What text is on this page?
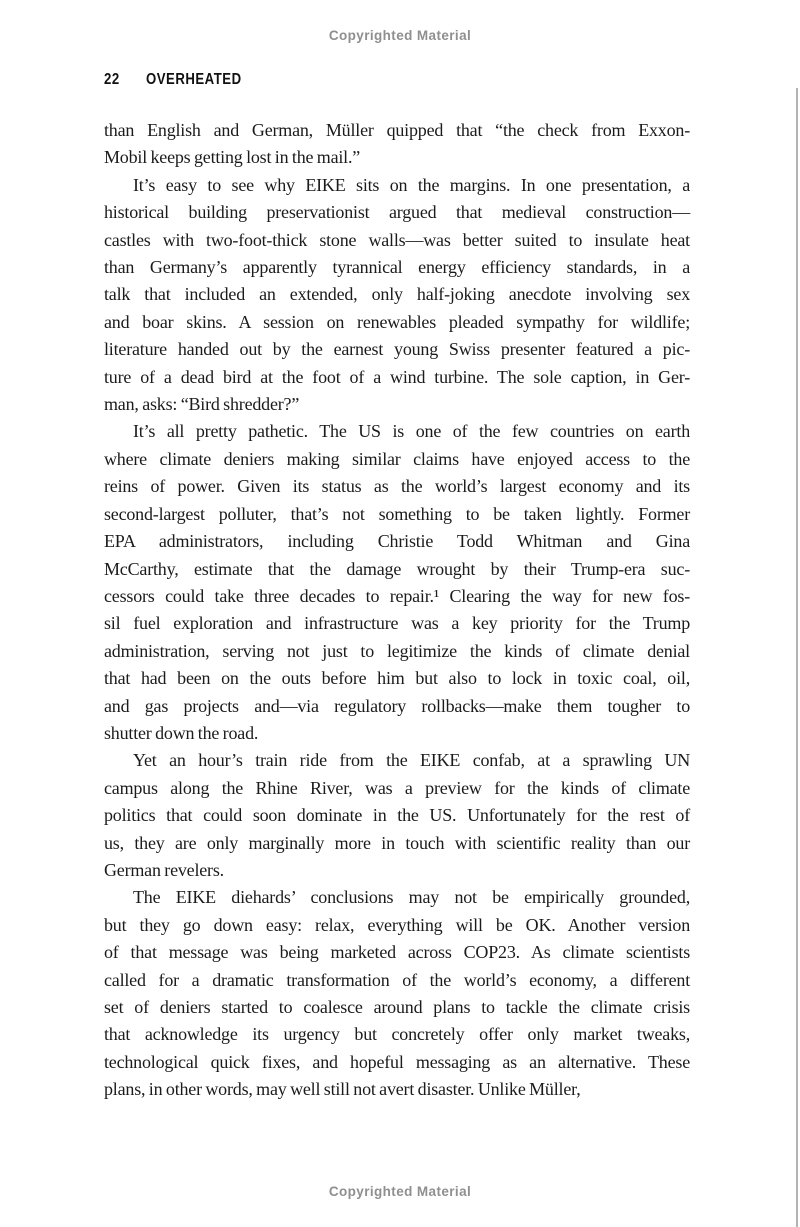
Copyrighted Material
22 OVERHEATED
than English and German, Müller quipped that “the check from Exxon-
Mobil keeps getting lost in the mail.”
It’s easy to see why EIKE sits on the margins. In one presentation, a
historical building preservationist argued that medieval construction—
castles with two-foot-thick stone walls—was better suited to insulate heat
than Germany’s apparently tyrannical energy efficiency standards, in a
talk that included an extended, only half-joking anecdote involving sex
and boar skins. A session on renewables pleaded sympathy for wildlife;
literature handed out by the earnest young Swiss presenter featured a pic-
ture of a dead bird at the foot of a wind turbine. The sole caption, in Ger-
man, asks: “Bird shredder?”
It’s all pretty pathetic. The US is one of the few countries on earth
where climate deniers making similar claims have enjoyed access to the
reins of power. Given its status as the world’s largest economy and its
second-largest polluter, that’s not something to be taken lightly. Former
EPA administrators, including Christie Todd Whitman and Gina
McCarthy, estimate that the damage wrought by their Trump-era suc-
cessors could take three decades to repair.¹ Clearing the way for new fos-
sil fuel exploration and infrastructure was a key priority for the Trump
administration, serving not just to legitimize the kinds of climate denial
that had been on the outs before him but also to lock in toxic coal, oil,
and gas projects and—via regulatory rollbacks—make them tougher to
shutter down the road.
Yet an hour’s train ride from the EIKE confab, at a sprawling UN
campus along the Rhine River, was a preview for the kinds of climate
politics that could soon dominate in the US. Unfortunately for the rest of
us, they are only marginally more in touch with scientific reality than our
German revelers.
The EIKE diehards’ conclusions may not be empirically grounded,
but they go down easy: relax, everything will be OK. Another version
of that message was being marketed across COP23. As climate scientists
called for a dramatic transformation of the world’s economy, a different
set of deniers started to coalesce around plans to tackle the climate crisis
that acknowledge its urgency but concretely offer only market tweaks,
technological quick fixes, and hopeful messaging as an alternative. These
plans, in other words, may well still not avert disaster. Unlike Müller,
Copyrighted Material
